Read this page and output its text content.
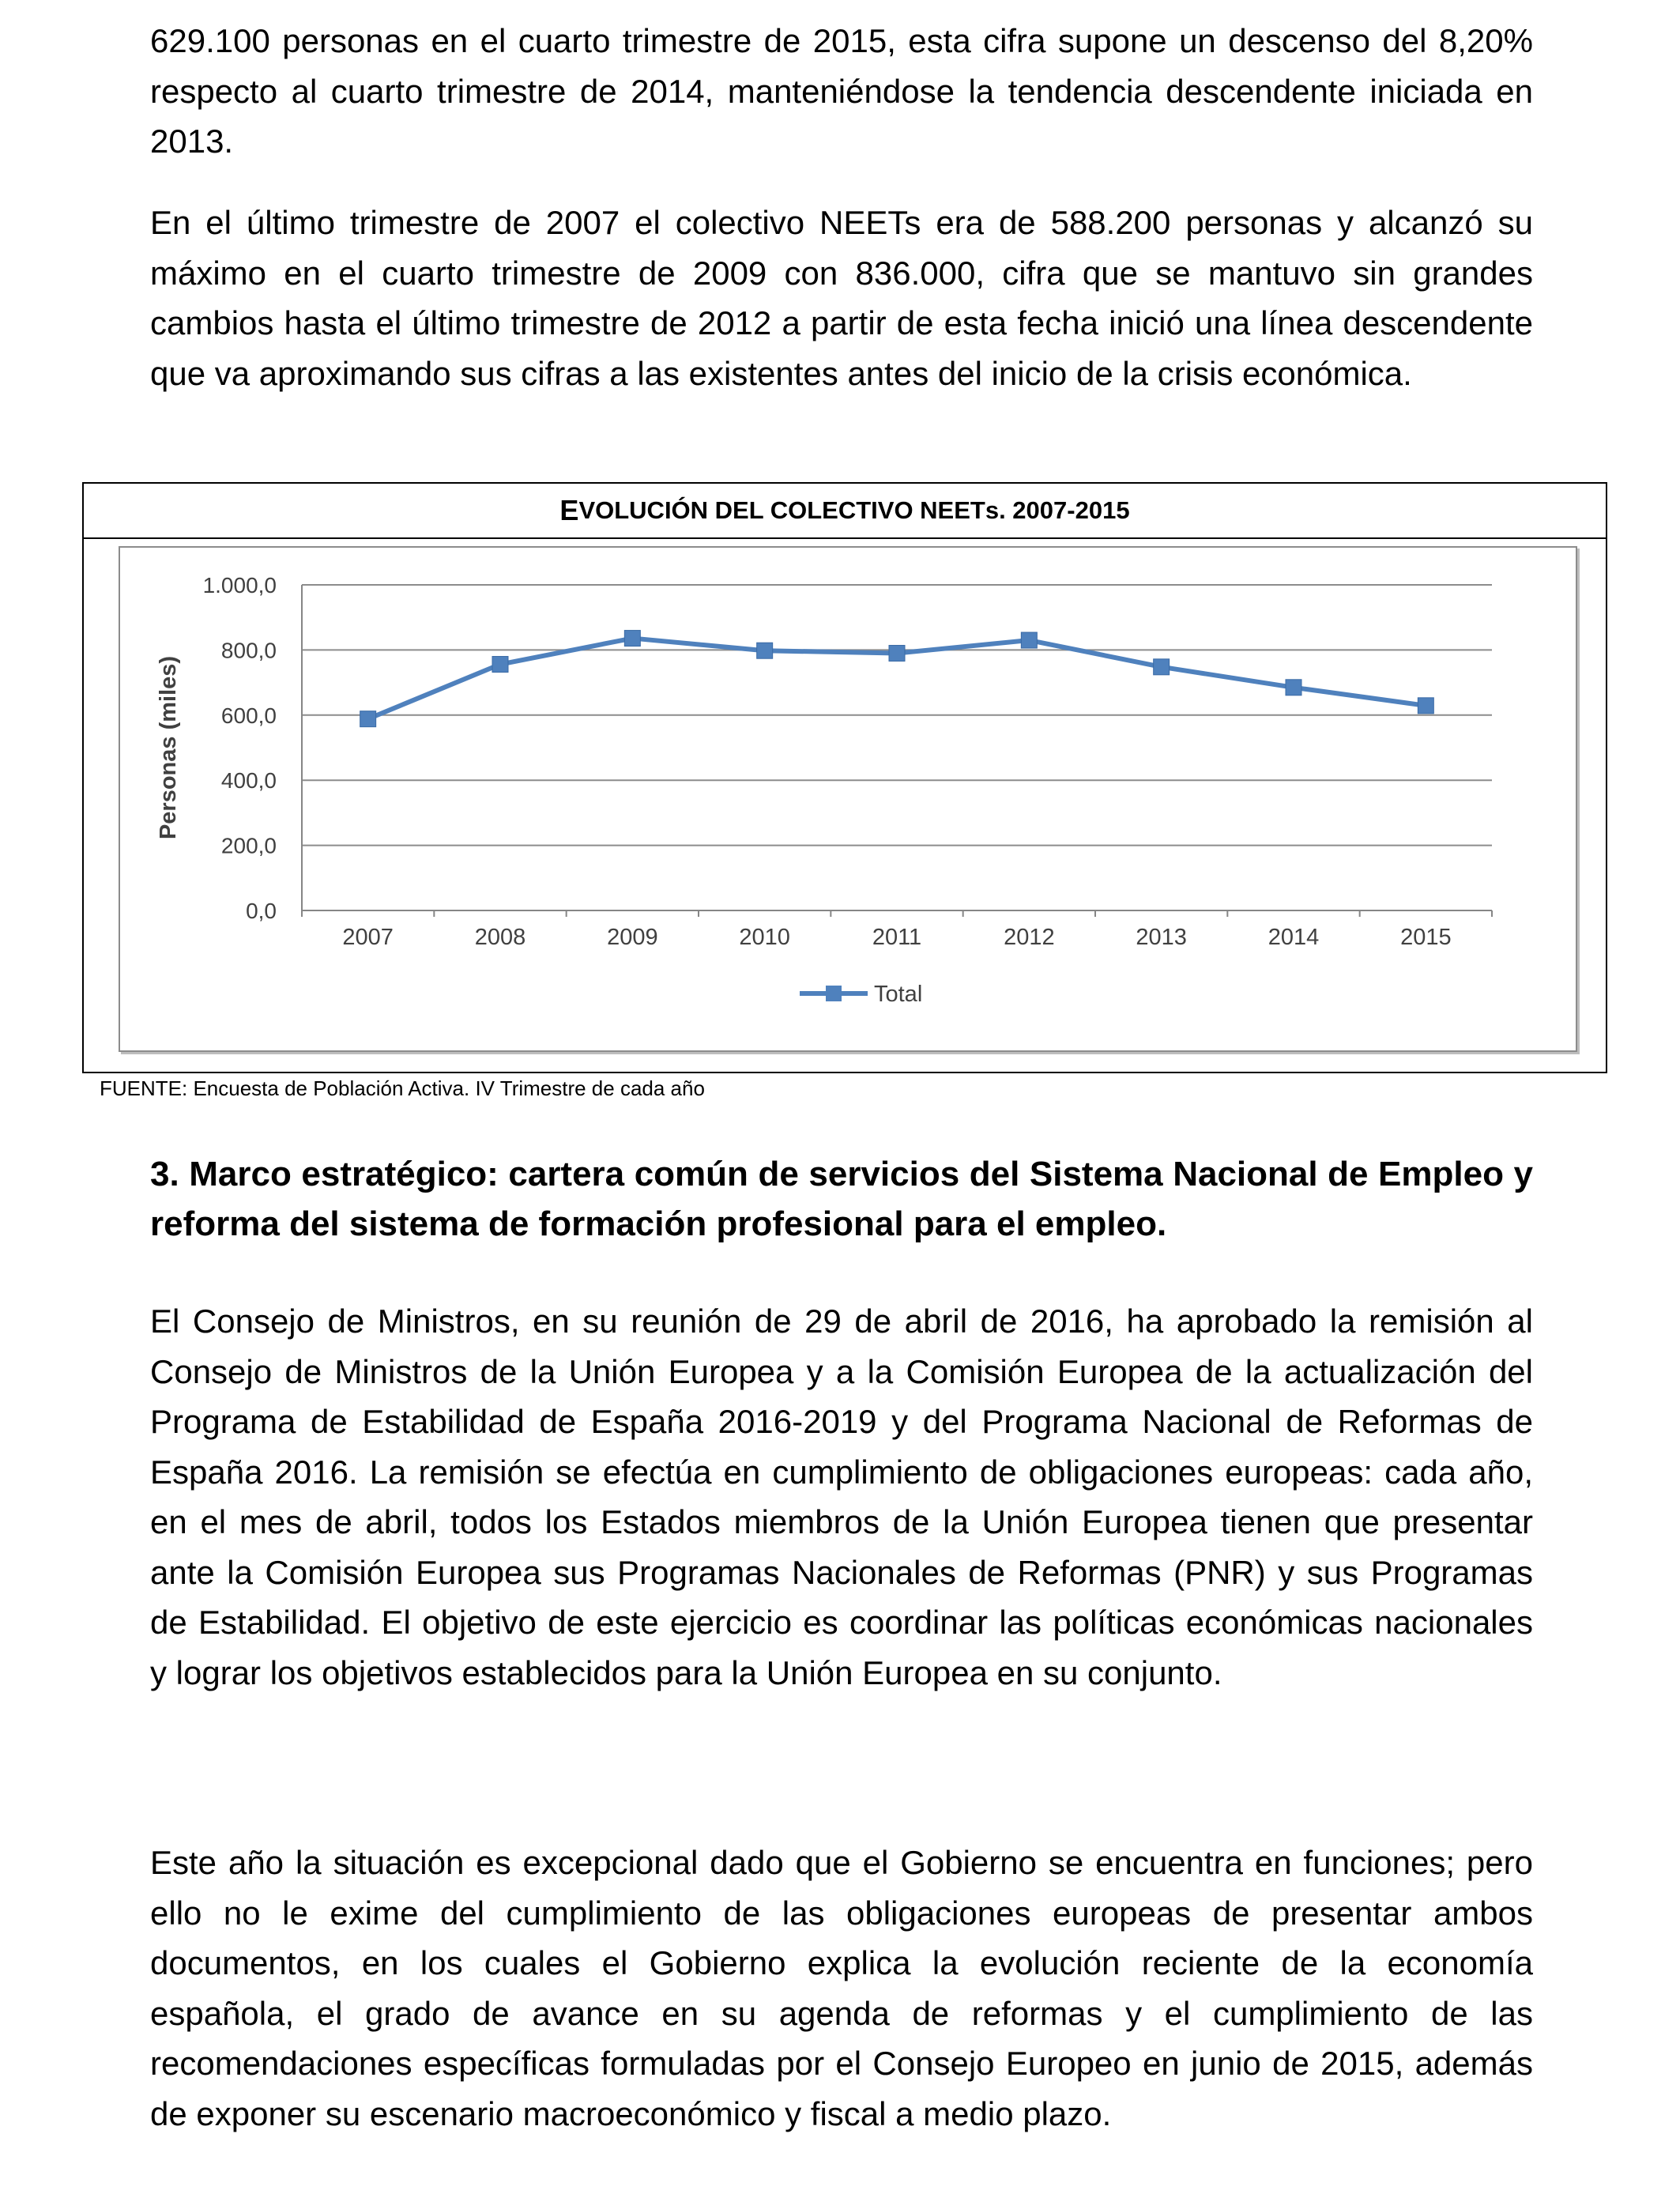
629.100 personas en el cuarto trimestre de 2015, esta cifra supone un descenso del 8,20% respecto al cuarto trimestre de 2014, manteniéndose la tendencia descendente iniciada en 2013.

En el último trimestre de 2007 el colectivo NEETs era de 588.200 personas y alcanzó su máximo en el cuarto trimestre de 2009 con 836.000, cifra que se mantuvo sin grandes cambios hasta el último trimestre de 2012 a partir de esta fecha inició una línea descendente que va aproximando sus cifras a las existentes antes del inicio de la crisis económica.

E VOLUCIÓN DEL COLECTIVO NEET s. 2007-2015
0,0
200,0
400,0
600,0
800,0
1.000,0
2007	2008	2009	2010	2011	2012	2013	2014	2015
Personas (miles)
Total
FUENTE: Encuesta de Población Activa. IV Trimestre de cada año

3. Marco estratégico: cartera común de servicios del Sistema Nacional de Empleo y reforma del sistema de formación profesional para el empleo.

El Consejo de Ministros, en su reunión de 29 de abril de 2016, ha aprobado la remisión al Consejo de Ministros de la Unión Europea y a la Comisión Europea de la actualización del Programa de Estabilidad de España 2016-2019 y del Programa Nacional de Reformas de España 2016. La remisión se efectúa en cumplimiento de obligaciones europeas: cada año, en el mes de abril, todos los Estados miembros de la Unión Europea tienen que presentar ante la Comisión Europea sus Programas Nacionales de Reformas (PNR) y sus Programas de Estabilidad. El objetivo de este ejercicio es coordinar las políticas económicas nacionales y lograr los objetivos establecidos para la Unión Europea en su conjunto.

Este año la situación es excepcional dado que el Gobierno se encuentra en funciones; pero ello no le exime del cumplimiento de las obligaciones europeas de presentar ambos documentos, en los cuales el Gobierno explica la evolución reciente de la economía española, el grado de avance en su agenda de reformas y el cumplimiento de las recomendaciones específicas formuladas por el Consejo Europeo en junio de 2015, además de exponer su escenario macroeconómico y fiscal a medio plazo.
